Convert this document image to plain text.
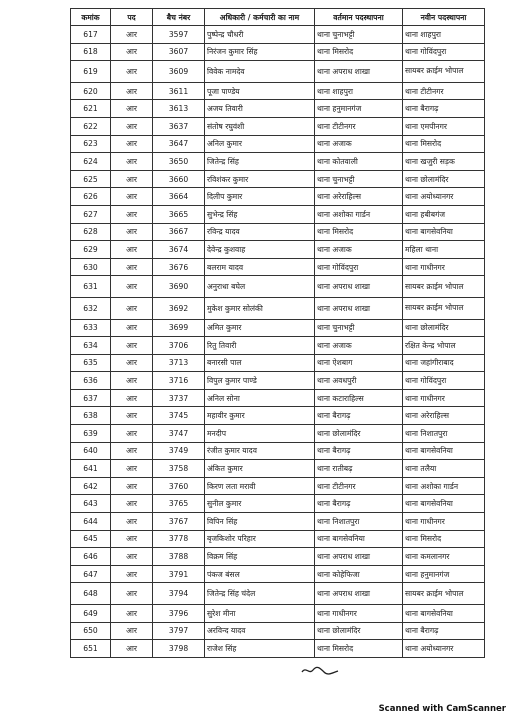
कमांक	पद	बैच नंबर	अधिकारी / कर्मचारी का नाम	वर्तमान पदस्थापना	नवीन पदस्थापना
617	आर	3597	पुष्पेन्द्र चौधरी	थाना चुनाभट्टी	थाना शाहपुरा
618	आर	3607	निरंजन कुमार सिंह	थाना मिसरोद	थाना गोविंदपुरा
619	आर	3609	विवेक नामदेव	थाना अपराध शाखा	सायबर क्राईम भोपाल
620	आर	3611	पूजा पाण्डेय	थाना शाहपुरा	थाना टीटीनगर
621	आर	3613	अजय तिवारी	थाना हनुमानगंज	थाना बैरागढ़
622	आर	3637	संतोष रघुवंशी	थाना टीटीनगर	थाना एमपीनगर
623	आर	3647	अनिल कुमार	थाना अजाक	थाना मिसरोद
624	आर	3650	जितेन्द्र सिंह	थाना कोतवाली	थाना खजुरी सड़क
625	आर	3660	रविशंकर कुमार	थाना चुनाभट्टी	थाना छोलामंदिर
626	आर	3664	दिलीप कुमार	थाना अरेराहिल्स	थाना अयोध्यानगर
627	आर	3665	सुभेन्द्र सिंह	थाना अशोका गार्डन	थाना हबीबगंज
628	आर	3667	रविन्द्र यादव	थाना मिसरोद	थाना बागसेवनिया
629	आर	3674	देवेन्द्र कुशवाह	थाना अजाक	महिला थाना
630	आर	3676	बलराम यादव	थाना गोविंदपुरा	थाना गाधीनगर
631	आर	3690	अनुराधा बघेल	थाना अपराध शाखा	सायबर क्राईम भोपाल
632	आर	3692	मुकेश कुमार सोलंकी	थाना अपराध शाखा	सायबर क्राईम भोपाल
633	आर	3699	अमित कुमार	थाना चुनाभट्टी	थाना छोलामंदिर
634	आर	3706	रितु तिवारी	थाना अजाक	रक्षित केन्द्र भोपाल
635	आर	3713	बनारसी पाल	थाना ऐशबाग	थाना जहांगीराबाद
636	आर	3716	विपुल कुमार पाण्डे	थाना अवधपुरी	थाना गोविंदपुरा
637	आर	3737	अनिल सोना	थाना कटाराहिल्स	थाना गाधीनगर
638	आर	3745	महावीर कुमार	थाना बैरागढ़	थाना अरेराहिल्स
639	आर	3747	मनदीप	थाना छोलामंदिर	थाना निशातपुरा
640	आर	3749	रंजीत कुमार यादव	थाना बैरागढ़	थाना बागसेवनिया
641	आर	3758	अंकित कुमार	थाना रातीबढ़	थाना तलैया
642	आर	3760	किरण लता मरावी	थाना टीटीनगर	थाना अशोका गार्डन
643	आर	3765	सुनील कुमार	थाना बैरागढ़	थाना बागसेवनिया
644	आर	3767	विपिन सिंह	थाना निशातपुरा	थाना गाधीनगर
645	आर	3778	बृजकिशोर परिहार	थाना बागसेवनिया	थाना मिसरोद
646	आर	3788	विक्रम सिंह	थाना अपराध शाखा	थाना कमलानगर
647	आर	3791	पंकज बंसल	थाना कोहेफिजा	थाना हनुमानगंज
648	आर	3794	जितेन्द्र सिंह चंदेल	थाना अपराध शाखा	सायबर क्राईम भोपाल
649	आर	3796	सुरेश मीना	थाना गाधीनगर	थाना बागसेवनिया
650	आर	3797	अरविन्द यादव	थाना छोलामंदिर	थाना बैरागढ़
651	आर	3798	राजेश सिंह	थाना मिसरोद	थाना अयोध्यानगर
Scanned with CamScanner
